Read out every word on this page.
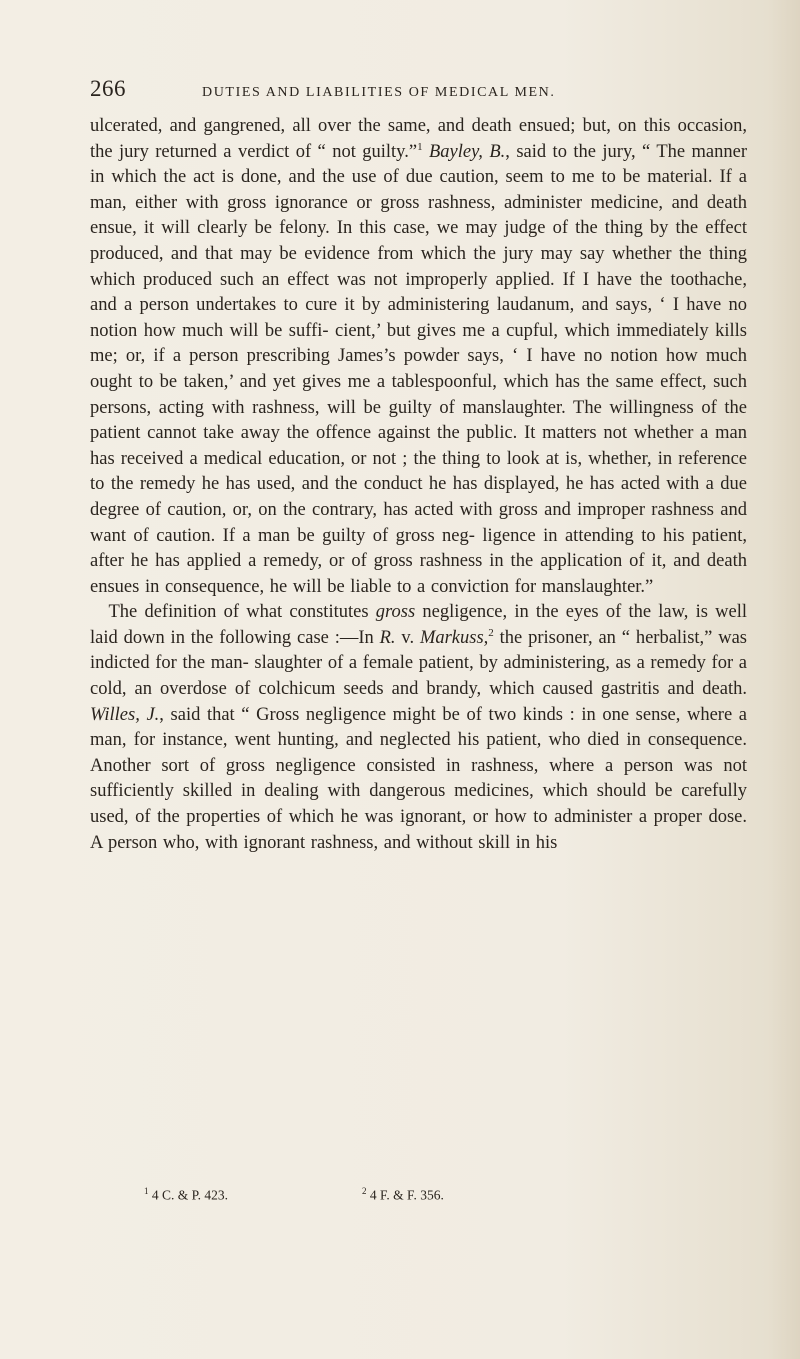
266	DUTIES AND LIABILITIES OF MEDICAL MEN.
ulcerated, and gangrened, all over the same, and death ensued; but, on this occasion, the jury returned a verdict of “ not guilty.”$^1$ Bayley, B., said to the jury, “ The manner in which the act is done, and the use of due caution, seem to me to be material. If a man, either with gross ignorance or gross rashness, administer medicine, and death ensue, it will clearly be felony. In this case, we may judge of the thing by the effect produced, and that may be evidence from which the jury may say whether the thing which produced such an effect was not improperly applied. If I have the toothache, and a person undertakes to cure it by administering laudanum, and says, ‘ I have no notion how much will be suffi- cient,’ but gives me a cupful, which immediately kills me; or, if a person prescribing James’s powder says, ‘ I have no notion how much ought to be taken,’ and yet gives me a tablespoonful, which has the same effect, such persons, acting with rashness, will be guilty of manslaughter. The willingness of the patient cannot take away the offence against the public. It matters not whether a man has received a medical education, or not ; the thing to look at is, whether, in reference to the remedy he has used, and the conduct he has displayed, he has acted with a due degree of caution, or, on the contrary, has acted with gross and improper rashness and want of caution. If a man be guilty of gross neg- ligence in attending to his patient, after he has applied a remedy, or of gross rashness in the application of it, and death ensues in consequence, he will be liable to a conviction for manslaughter.”
 The definition of what constitutes gross negligence, in the eyes of the law, is well laid down in the following case :—In R. v. Markuss,$^2$ the prisoner, an “ herbalist,” was indicted for the man- slaughter of a female patient, by administering, as a remedy for a cold, an overdose of colchicum seeds and brandy, which caused gastritis and death. Willes, J., said that “ Gross negligence might be of two kinds : in one sense, where a man, for instance, went hunting, and neglected his patient, who died in consequence. Another sort of gross negligence consisted in rashness, where a person was not sufficiently skilled in dealing with dangerous medicines, which should be carefully used, of the properties of which he was ignorant, or how to administer a proper dose. A person who, with ignorant rashness, and without skill in his
$^1$ 4 C. & P. 423.	$^2$ 4 F. & F. 356.
